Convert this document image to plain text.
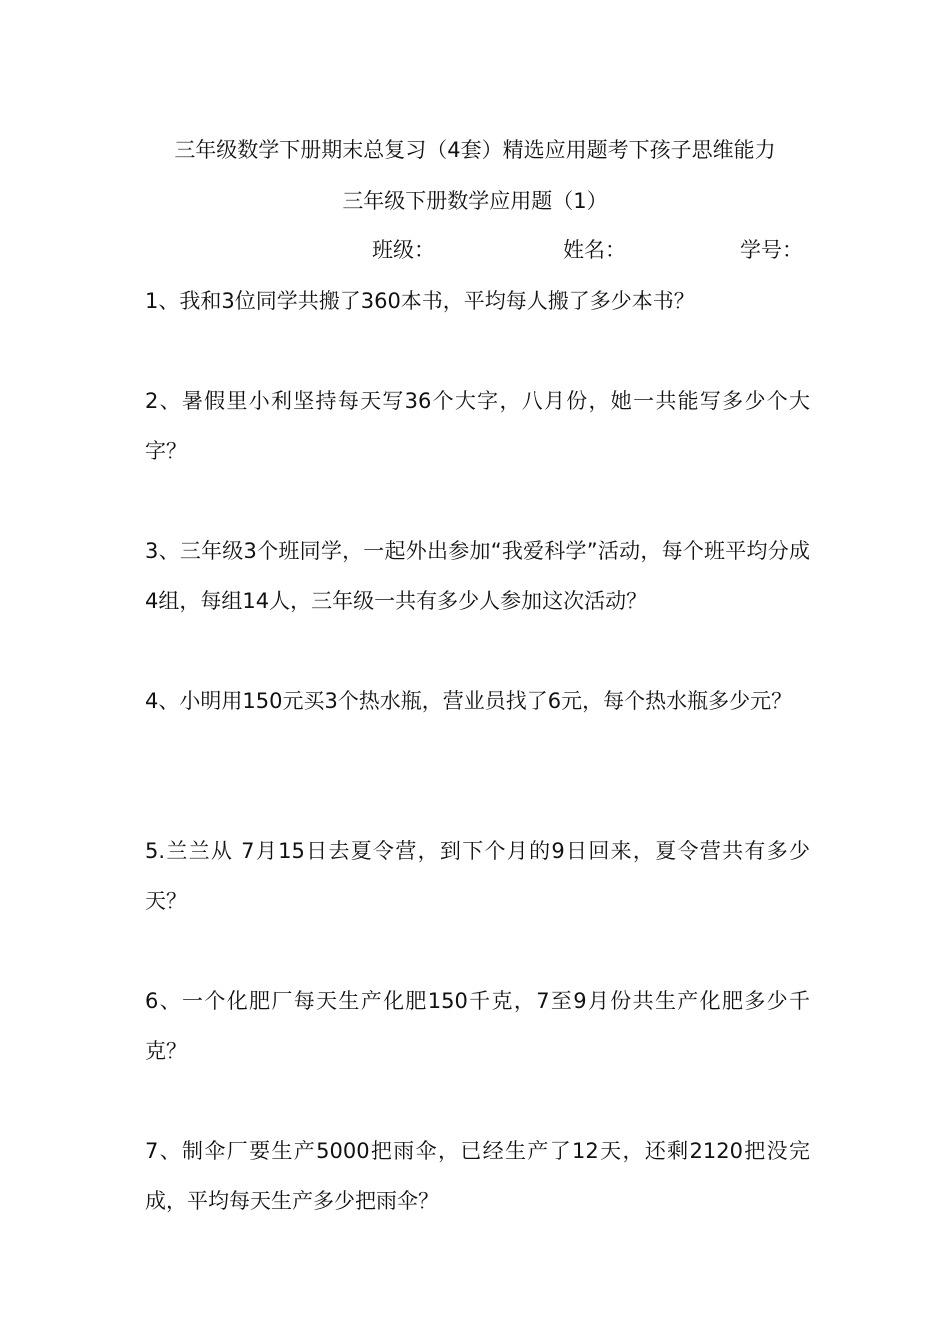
三年级数学下册期末总复习（4套）精选应用题考下孩子思维能力
三年级下册数学应用题（1）
班级：	姓名：	学号：
1、我和3位同学共搬了360本书，平均每人搬了多少本书？
2、暑假里小利坚持每天写36个大字，八月份，她一共能写多少个大字？
3、三年级3个班同学，一起外出参加“我爱科学”活动，每个班平均分成4组，每组14人，三年级一共有多少人参加这次活动？
4、小明用150元买3个热水瓶，营业员找了6元，每个热水瓶多少元？
5.兰兰从 7月15日去夏令营，到下个月的9日回来，夏令营共有多少天？
6、一个化肥厂每天生产化肥150千克，7至9月份共生产化肥多少千克？
7、制伞厂要生产5000把雨伞，已经生产了12天，还剩2120把没完成，平均每天生产多少把雨伞？
